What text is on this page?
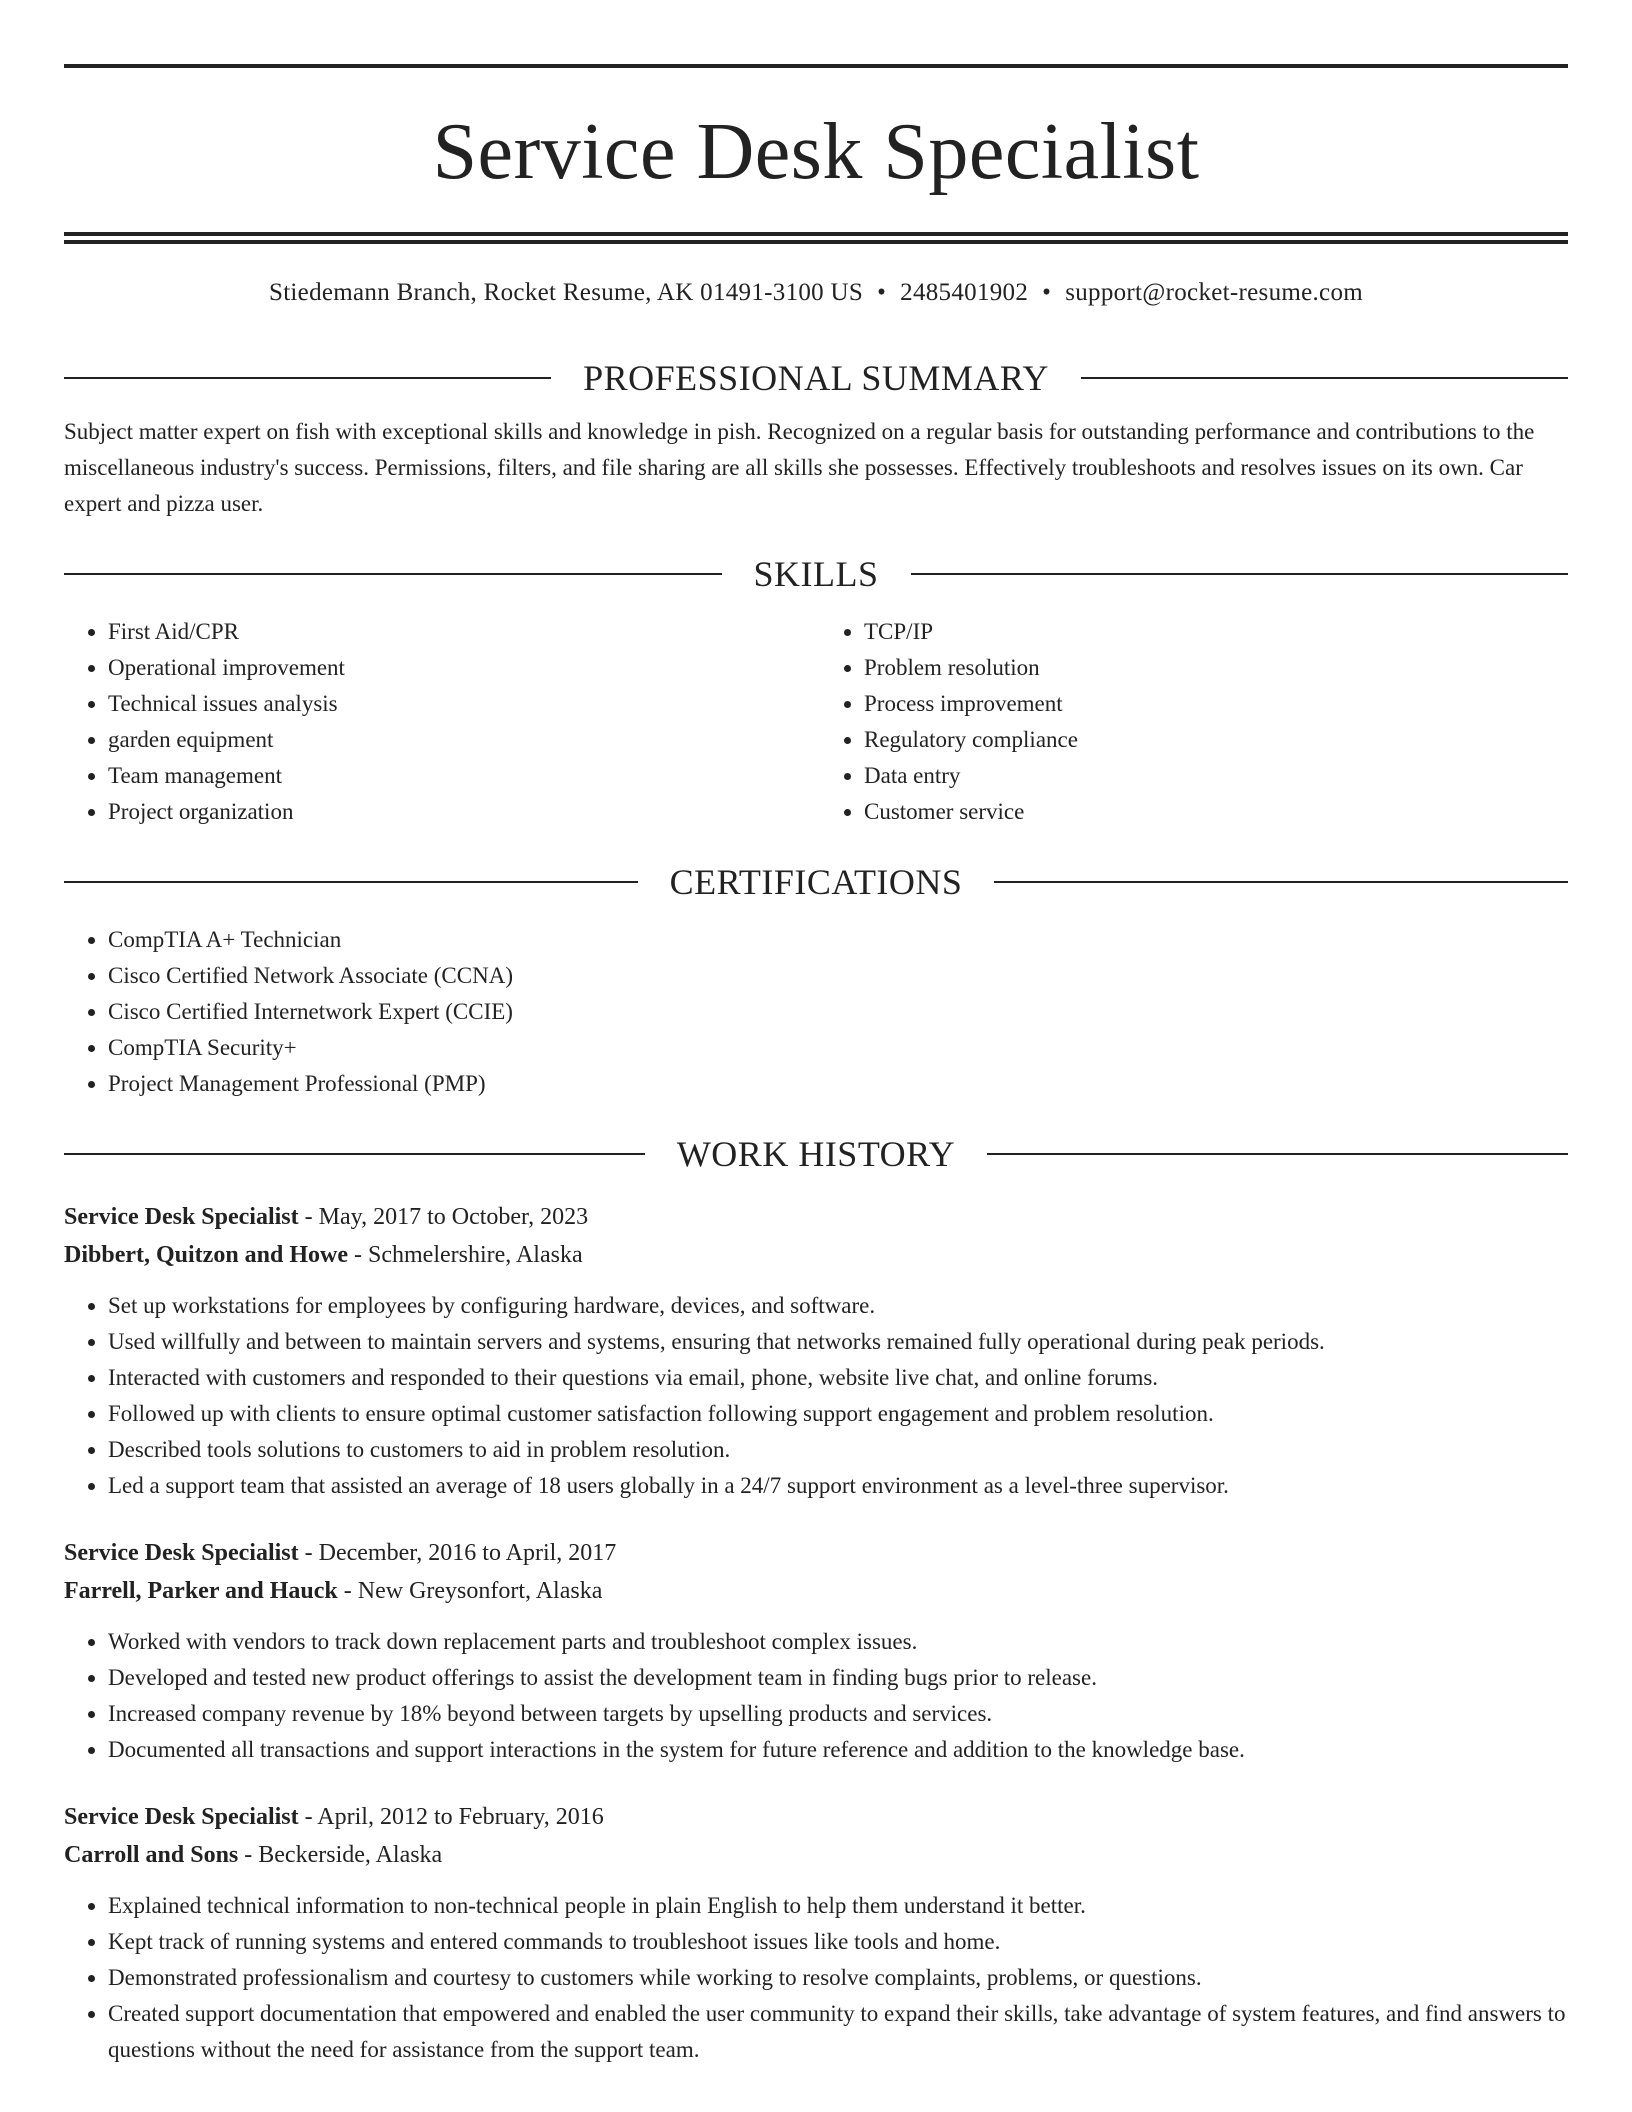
Service Desk Specialist
Stiedemann Branch, Rocket Resume, AK 01491-3100 US • 2485401902 • support@rocket-resume.com
PROFESSIONAL SUMMARY
Subject matter expert on fish with exceptional skills and knowledge in pish. Recognized on a regular basis for outstanding performance and contributions to the miscellaneous industry's success. Permissions, filters, and file sharing are all skills she possesses. Effectively troubleshoots and resolves issues on its own. Car expert and pizza user.
SKILLS
• First Aid/CPR
• Operational improvement
• Technical issues analysis
• garden equipment
• Team management
• Project organization
• TCP/IP
• Problem resolution
• Process improvement
• Regulatory compliance
• Data entry
• Customer service
CERTIFICATIONS
• CompTIA A+ Technician
• Cisco Certified Network Associate (CCNA)
• Cisco Certified Internetwork Expert (CCIE)
• CompTIA Security+
• Project Management Professional (PMP)
WORK HISTORY
Service Desk Specialist - May, 2017 to October, 2023
Dibbert, Quitzon and Howe - Schmelershire, Alaska
• Set up workstations for employees by configuring hardware, devices, and software.
• Used willfully and between to maintain servers and systems, ensuring that networks remained fully operational during peak periods.
• Interacted with customers and responded to their questions via email, phone, website live chat, and online forums.
• Followed up with clients to ensure optimal customer satisfaction following support engagement and problem resolution.
• Described tools solutions to customers to aid in problem resolution.
• Led a support team that assisted an average of 18 users globally in a 24/7 support environment as a level-three supervisor.
Service Desk Specialist - December, 2016 to April, 2017
Farrell, Parker and Hauck - New Greysonfort, Alaska
• Worked with vendors to track down replacement parts and troubleshoot complex issues.
• Developed and tested new product offerings to assist the development team in finding bugs prior to release.
• Increased company revenue by 18% beyond between targets by upselling products and services.
• Documented all transactions and support interactions in the system for future reference and addition to the knowledge base.
Service Desk Specialist - April, 2012 to February, 2016
Carroll and Sons - Beckerside, Alaska
• Explained technical information to non-technical people in plain English to help them understand it better.
• Kept track of running systems and entered commands to troubleshoot issues like tools and home.
• Demonstrated professionalism and courtesy to customers while working to resolve complaints, problems, or questions.
• Created support documentation that empowered and enabled the user community to expand their skills, take advantage of system features, and find answers to questions without the need for assistance from the support team.
